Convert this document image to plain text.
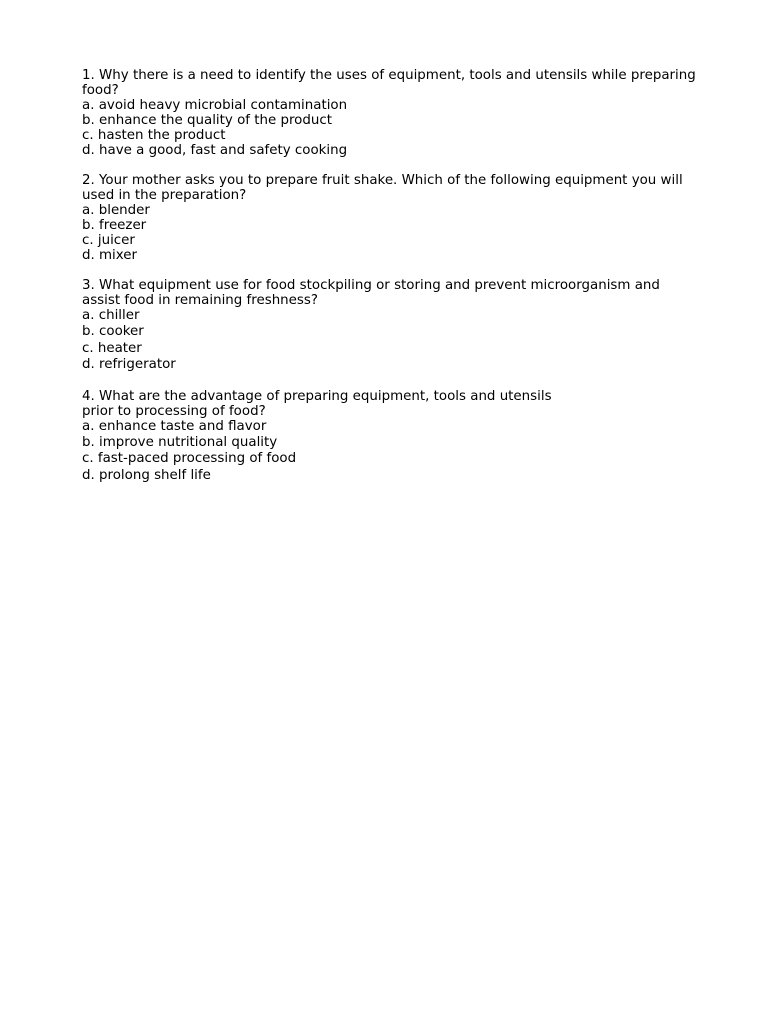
1. Why there is a need to identify the uses of equipment, tools and utensils while preparing food?

a. avoid heavy microbial contamination
b. enhance the quality of the product
c. hasten the product
d. have a good, fast and safety cooking

2. Your mother asks you to prepare fruit shake. Which of the following equipment you will used in the preparation?

a. blender
b. freezer
c. juicer
d. mixer

3. What equipment use for food stockpiling or storing and prevent microorganism and assist food in remaining freshness?

a. chiller
b. cooker
c. heater
d. refrigerator

4. What are the advantage of preparing equipment, tools and utensils
prior to processing of food?

a. enhance taste and flavor
b. improve nutritional quality
c. fast-paced processing of food
d. prolong shelf life
